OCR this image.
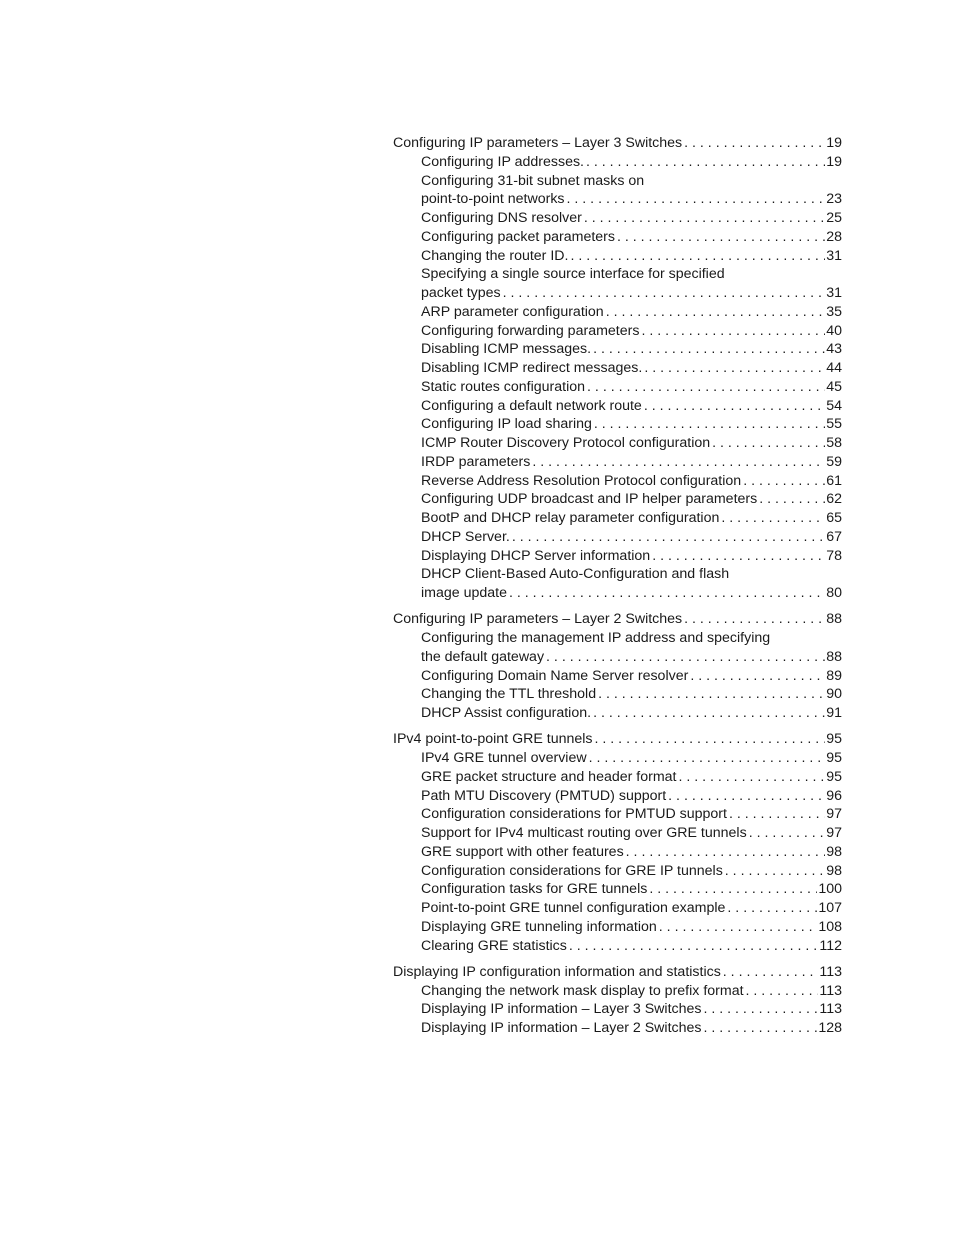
Configuring IP parameters – Layer 3 Switches . . .	19
Configuring IP addresses. . . .	19
Configuring 31-bit subnet masks on
point-to-point networks . . .	23
Configuring DNS resolver . . .	25
Configuring packet parameters . . .	28
Changing the router ID. . . .	31
Specifying a single source interface for specified
packet types . . .	31
ARP parameter configuration . . .	35
Configuring forwarding parameters . . .	40
Disabling ICMP messages. . . .	43
Disabling ICMP redirect messages. . . .	44
Static routes configuration . . .	45
Configuring a default network route . . .	54
Configuring IP load sharing . . .	55
ICMP Router Discovery Protocol configuration . . .	58
IRDP parameters . . .	59
Reverse Address Resolution Protocol configuration . . .	61
Configuring UDP broadcast and IP helper parameters . . .	62
BootP and DHCP relay parameter configuration . . .	65
DHCP Server. . . .	67
Displaying DHCP Server information . . .	78
DHCP Client-Based Auto-Configuration and flash
image update . . .	80
Configuring IP parameters – Layer 2 Switches . . .	88
Configuring the management IP address and specifying
the default gateway . . .	88
Configuring Domain Name Server resolver . . .	89
Changing the TTL threshold . . .	90
DHCP Assist configuration. . . .	91
IPv4 point-to-point GRE tunnels . . .	95
IPv4 GRE tunnel overview . . .	95
GRE packet structure and header format . . .	95
Path MTU Discovery (PMTUD) support . . .	96
Configuration considerations for PMTUD support . . .	97
Support for IPv4 multicast routing over GRE tunnels . . .	97
GRE support with other features . . .	98
Configuration considerations for GRE IP tunnels . . .	98
Configuration tasks for GRE tunnels . . .	100
Point-to-point GRE tunnel configuration example . . .	107
Displaying GRE tunneling information . . .	108
Clearing GRE statistics . . .	112
Displaying IP configuration information and statistics . . .	113
Changing the network mask display to prefix format . . .	113
Displaying IP information – Layer 3 Switches . . .	113
Displaying IP information – Layer 2 Switches . . .	128
